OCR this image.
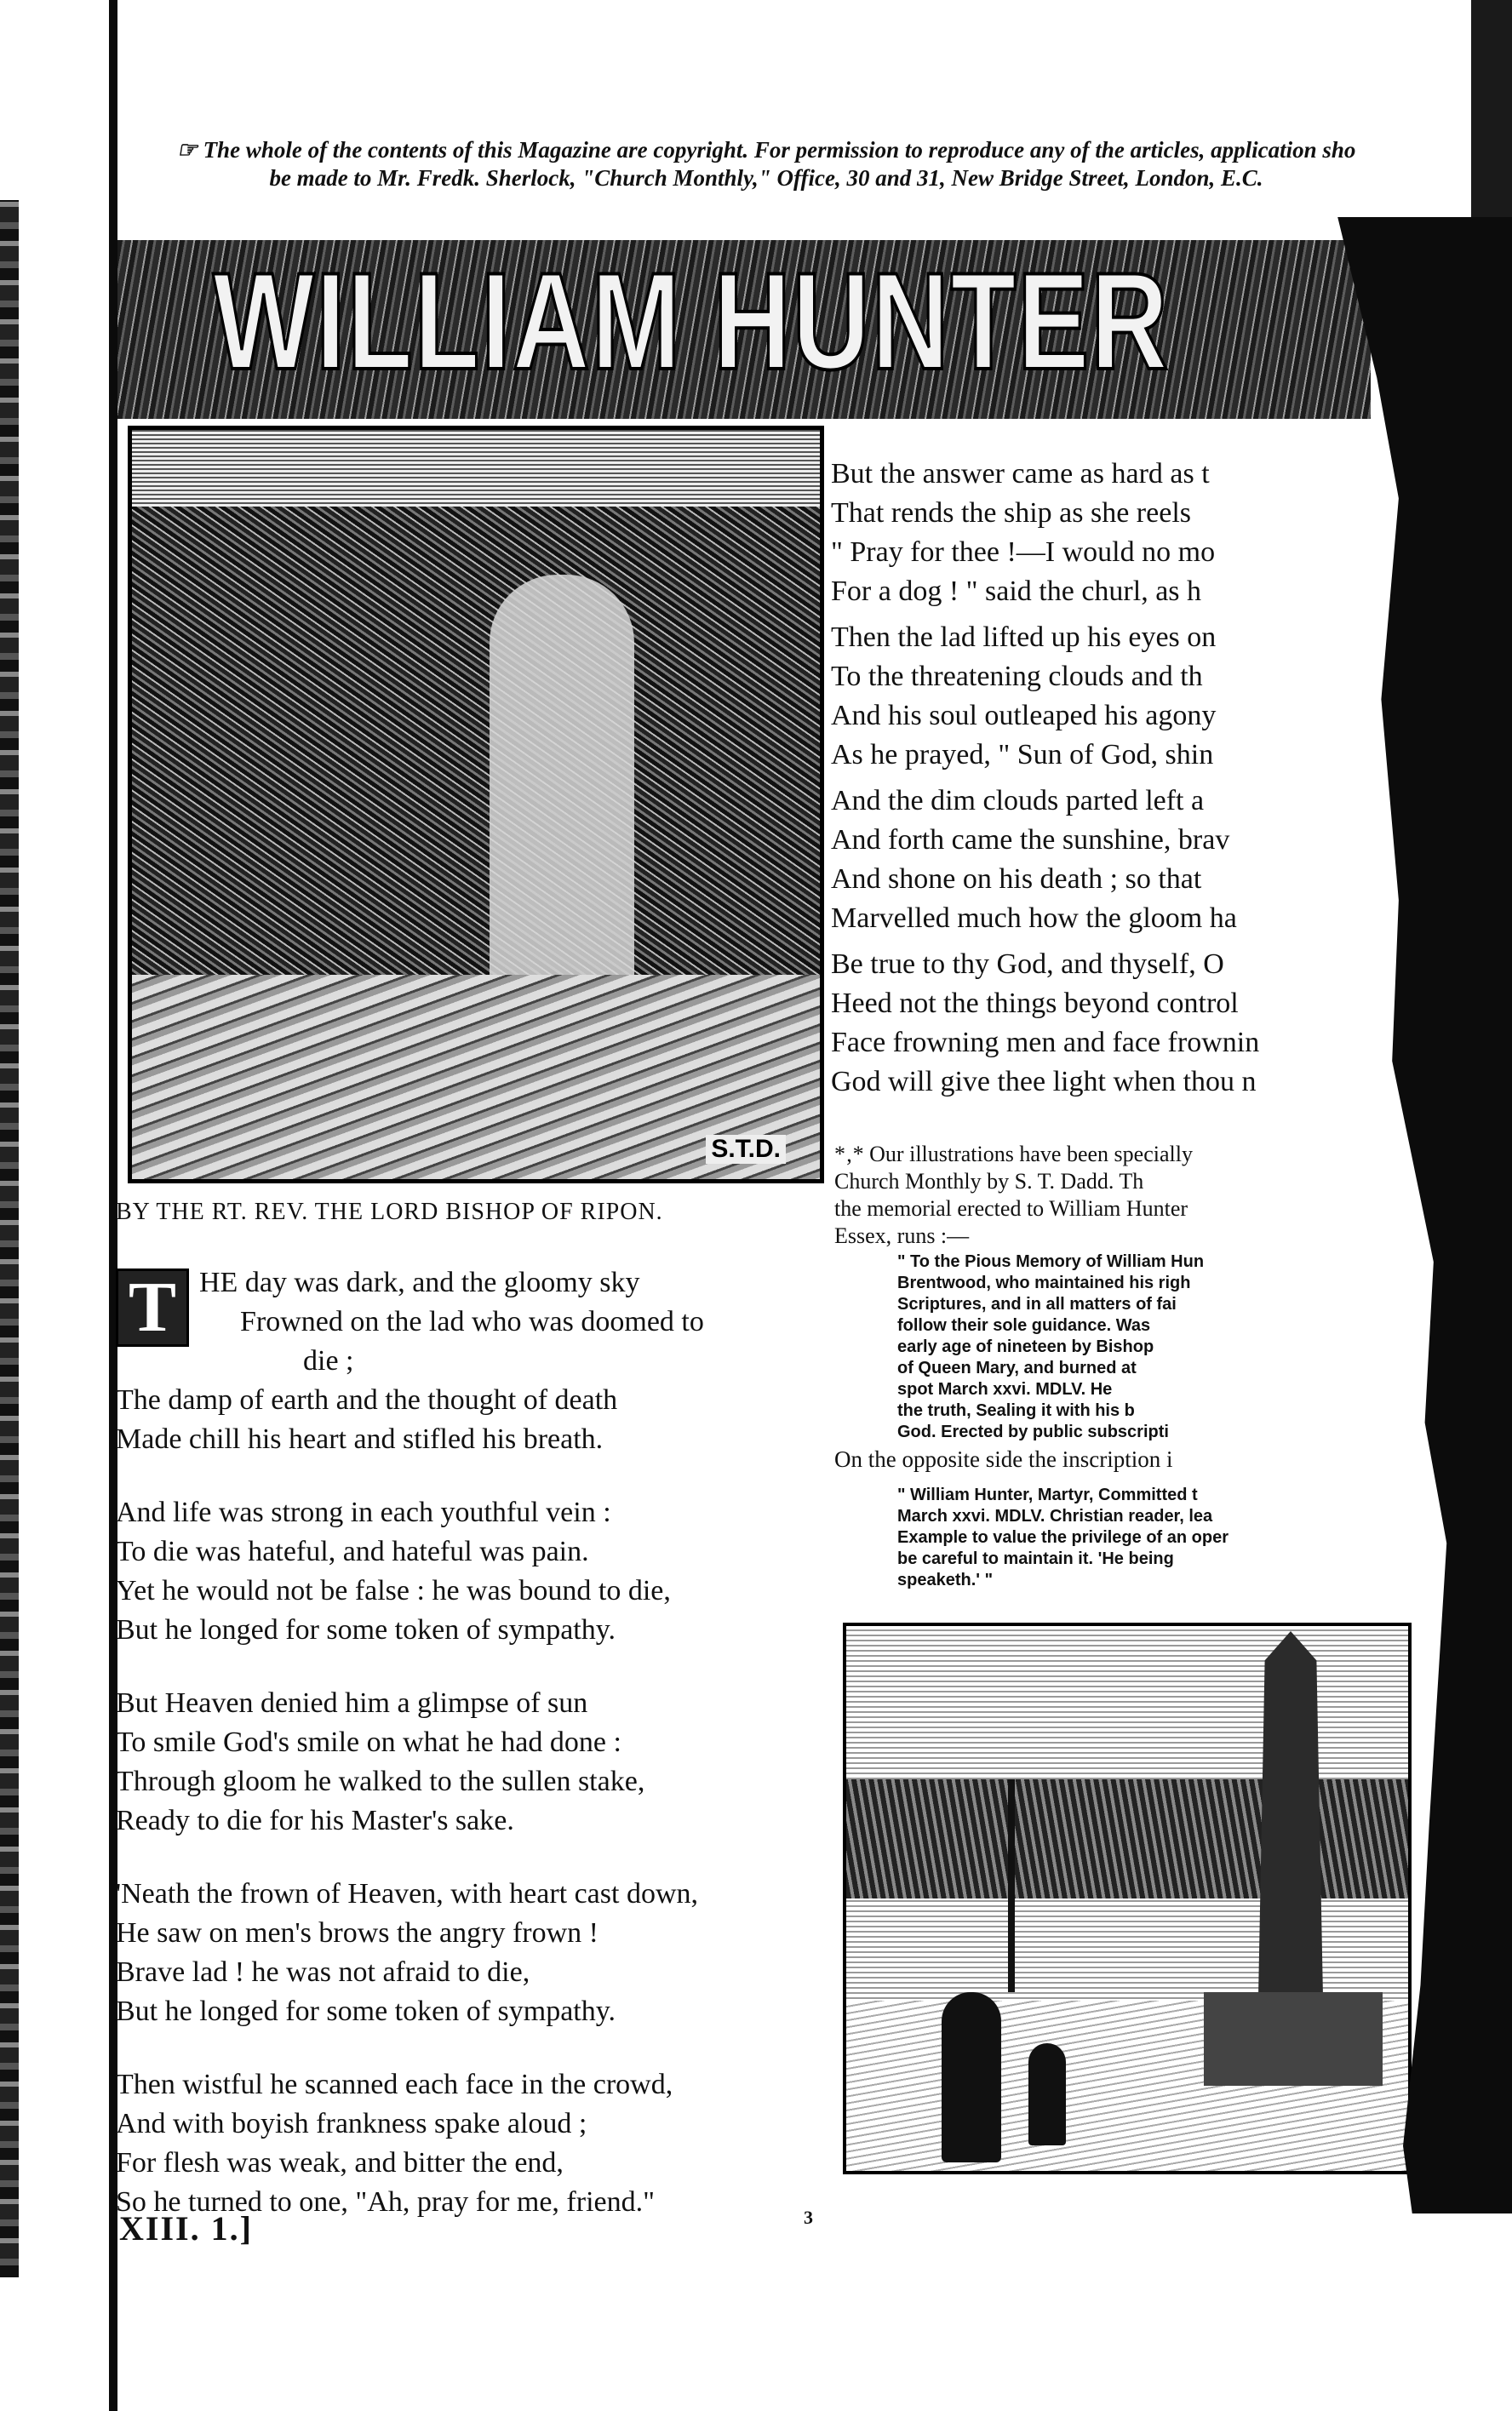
☞ The whole of the contents of this Magazine are copyright. For permission to reproduce any of the articles, application sho
be made to Mr. Fredk. Sherlock, "Church Monthly," Office, 30 and 31, New Bridge Street, London, E.C.
WILLIAM HUNTER
S.T.D.
BY THE RT. REV. THE LORD BISHOP OF RIPON.
T HE day was dark, and the gloomy sky
Frowned on the lad who was doomed to
die ;
The damp of earth and the thought of death
Made chill his heart and stifled his breath.
And life was strong in each youthful vein :
To die was hateful, and hateful was pain.
Yet he would not be false : he was bound to die,
But he longed for some token of sympathy.
But Heaven denied him a glimpse of sun
To smile God's smile on what he had done :
Through gloom he walked to the sullen stake,
Ready to die for his Master's sake.
'Neath the frown of Heaven, with heart cast down,
He saw on men's brows the angry frown !
Brave lad ! he was not afraid to die,
But he longed for some token of sympathy.
Then wistful he scanned each face in the crowd,
And with boyish frankness spake aloud ;
For flesh was weak, and bitter the end,
So he turned to one, "Ah, pray for me, friend."
XIII. 1.]	3
But the answer came as hard as t
That rends the ship as she reels
" Pray for thee !—I would no mo
For a dog ! " said the churl, as h
Then the lad lifted up his eyes on
To the threatening clouds and th
And his soul outleaped his agony
As he prayed, " Sun of God, shin
And the dim clouds parted left a
And forth came the sunshine, brav
And shone on his death ; so that
Marvelled much how the gloom ha
Be true to thy God, and thyself, O
Heed not the things beyond control
Face frowning men and face frownin
God will give thee light when thou n
*‚* Our illustrations have been specially
Church Monthly by S. T. Dadd. Th
the memorial erected to William Hunter
Essex, runs :—
" To the Pious Memory of William Hun
Brentwood, who maintained his righ
Scriptures, and in all matters of fai
follow their sole guidance. Was
early age of nineteen by Bishop
of Queen Mary, and burned at
spot March xxvi. MDLV. He
the truth, Sealing it with his b
God. Erected by public subscripti
On the opposite side the inscription i
" William Hunter, Martyr, Committed t
March xxvi. MDLV. Christian reader, lea
Example to value the privilege of an oper
be careful to maintain it. 'He being
speaketh.' "
